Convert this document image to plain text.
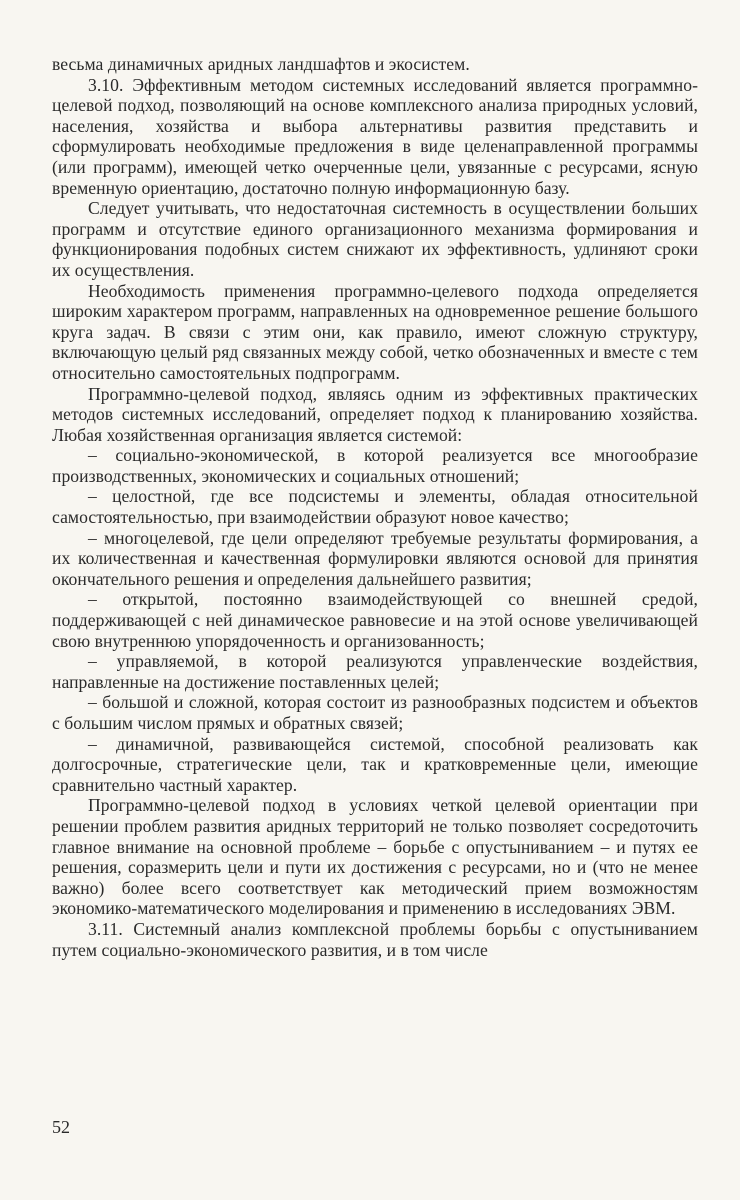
весьма динамичных аридных ландшафтов и экосистем.

3.10. Эффективным методом системных исследований является программно-целевой подход, позволяющий на основе комплексного анализа природных условий, населения, хозяйства и выбора альтернативы развития представить и сформулировать необходимые предложения в виде целенаправленной программы (или программ), имеющей четко очерченные цели, увязанные с ресурсами, ясную временную ориентацию, достаточно полную информационную базу.

Следует учитывать, что недостаточная системность в осуществлении больших программ и отсутствие единого организационного механизма формирования и функционирования подобных систем снижают их эффективность, удлиняют сроки их осуществления.

Необходимость применения программно-целевого подхода определяется широким характером программ, направленных на одновременное решение большого круга задач. В связи с этим они, как правило, имеют сложную структуру, включающую целый ряд связанных между собой, четко обозначенных и вместе с тем относительно самостоятельных подпрограмм.

Программно-целевой подход, являясь одним из эффективных практических методов системных исследований, определяет подход к планированию хозяйства. Любая хозяйственная организация является системой:

– социально-экономической, в которой реализуется все многообразие производственных, экономических и социальных отношений;

– целостной, где все подсистемы и элементы, обладая относительной самостоятельностью, при взаимодействии образуют новое качество;

– многоцелевой, где цели определяют требуемые результаты формирования, а их количественная и качественная формулировки являются основой для принятия окончательного решения и определения дальнейшего развития;

– открытой, постоянно взаимодействующей со внешней средой, поддерживающей с ней динамическое равновесие и на этой основе увеличивающей свою внутреннюю упорядоченность и организованность;

– управляемой, в которой реализуются управленческие воздействия, направленные на достижение поставленных целей;

– большой и сложной, которая состоит из разнообразных подсистем и объектов с большим числом прямых и обратных связей;

– динамичной, развивающейся системой, способной реализовать как долгосрочные, стратегические цели, так и кратковременные цели, имеющие сравнительно частный характер.

Программно-целевой подход в условиях четкой целевой ориентации при решении проблем развития аридных территорий не только позволяет сосредоточить главное внимание на основной проблеме – борьбе с опустыниванием – и путях ее решения, соразмерить цели и пути их достижения с ресурсами, но и (что не менее важно) более всего соответствует как методический прием возможностям экономико-математического моделирования и применению в исследованиях ЭВМ.

3.11. Системный анализ комплексной проблемы борьбы с опустыниванием путем социально-экономического развития, и в том числе

52
